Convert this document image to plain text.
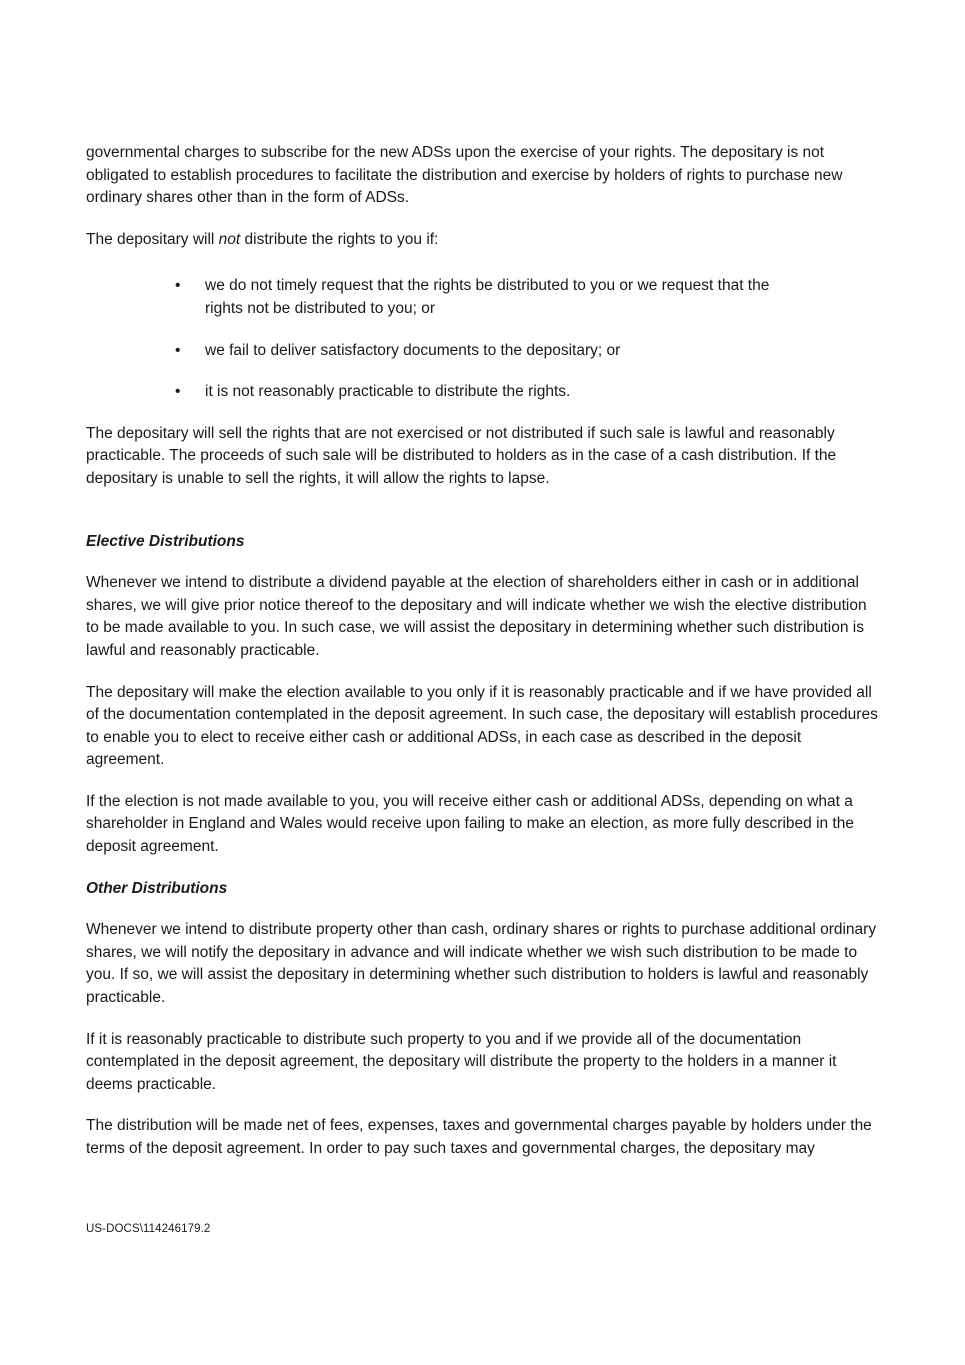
governmental charges to subscribe for the new ADSs upon the exercise of your rights. The depositary is not obligated to establish procedures to facilitate the distribution and exercise by holders of rights to purchase new ordinary shares other than in the form of ADSs.

The depositary will not distribute the rights to you if:

•	we do not timely request that the rights be distributed to you or we request that the rights not be distributed to you; or
•	we fail to deliver satisfactory documents to the depositary; or
•	it is not reasonably practicable to distribute the rights.

The depositary will sell the rights that are not exercised or not distributed if such sale is lawful and reasonably practicable. The proceeds of such sale will be distributed to holders as in the case of a cash distribution. If the depositary is unable to sell the rights, it will allow the rights to lapse.

Elective Distributions

Whenever we intend to distribute a dividend payable at the election of shareholders either in cash or in additional shares, we will give prior notice thereof to the depositary and will indicate whether we wish the elective distribution to be made available to you. In such case, we will assist the depositary in determining whether such distribution is lawful and reasonably practicable.

The depositary will make the election available to you only if it is reasonably practicable and if we have provided all of the documentation contemplated in the deposit agreement. In such case, the depositary will establish procedures to enable you to elect to receive either cash or additional ADSs, in each case as described in the deposit agreement.

If the election is not made available to you, you will receive either cash or additional ADSs, depending on what a shareholder in England and Wales would receive upon failing to make an election, as more fully described in the deposit agreement.

Other Distributions

Whenever we intend to distribute property other than cash, ordinary shares or rights to purchase additional ordinary shares, we will notify the depositary in advance and will indicate whether we wish such distribution to be made to you. If so, we will assist the depositary in determining whether such distribution to holders is lawful and reasonably practicable.

If it is reasonably practicable to distribute such property to you and if we provide all of the documentation contemplated in the deposit agreement, the depositary will distribute the property to the holders in a manner it deems practicable.

The distribution will be made net of fees, expenses, taxes and governmental charges payable by holders under the terms of the deposit agreement. In order to pay such taxes and governmental charges, the depositary may

US-DOCS\114246179.2
